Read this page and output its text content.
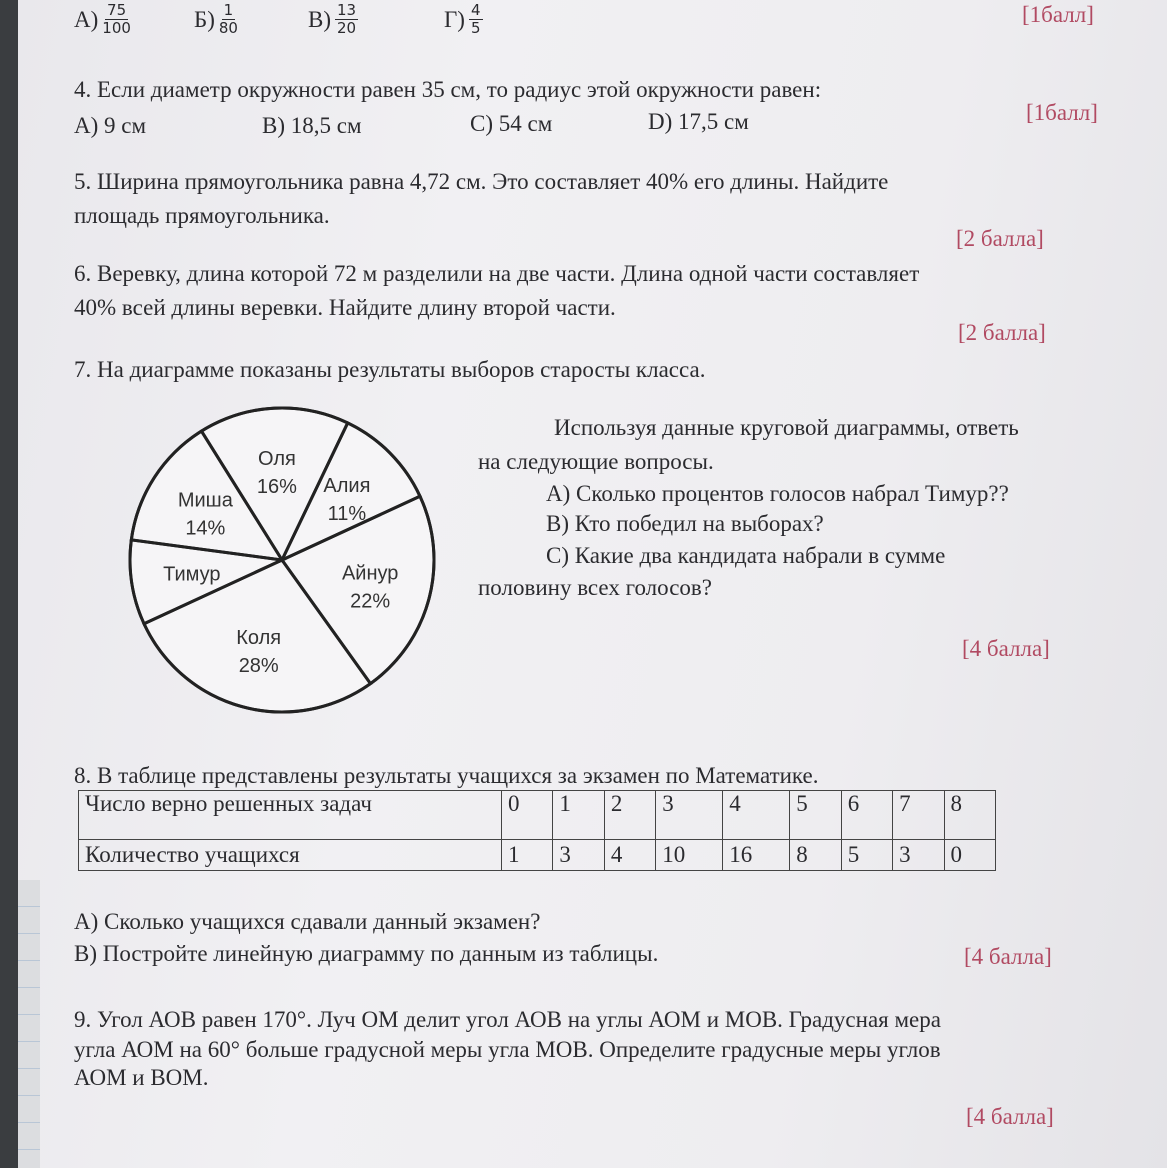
$А) \frac{75}{100}$	$Б) \frac{1}{80}$	$В) \frac{13}{20}$	$Г) \frac{4}{5}$	[1балл]
4. Если диаметр окружности равен 35 см, то радиус этой окружности равен:
А) 9 см	В) 18,5 см	С) 54 см	D) 17,5 см	[1балл]
5. Ширина прямоугольника равна 4,72 см. Это составляет 40% его длины. Найдите
площадь прямоугольника.
[2 балла]
6. Веревку, длина которой 72 м разделили на две части. Длина одной части составляет
40% всей длины веревки. Найдите длину второй части.
[2 балла]
7. На диаграмме показаны результаты выборов старосты класса.
Оля
16% Алия
11%
Айнур
22%
Коля
28%
Тимур
Миша
14%
Используя данные круговой диаграммы, ответь
на следующие вопросы.
А) Сколько процентов голосов набрал Тимур??
В) Кто победил на выборах?
С) Какие два кандидата набрали в сумме
половину всех голосов?
[4 балла]
8. В таблице представлены результаты учащихся за экзамен по Математике.
Число верно решенных задач	0	1	2	3	4	5	6	7	8
Количество учащихся	1	3	4	10	16	8	5	3	0
А) Сколько учащихся сдавали данный экзамен?
В) Постройте линейную диаграмму по данным из таблицы.	[4 балла]
9. Угол АОВ равен 170°. Луч ОМ делит угол АОВ на углы АОМ и МОВ. Градусная мера
угла АОМ на 60° больше градусной меры угла МОВ. Определите градусные меры углов
АОМ и ВОМ.
[4 балла]
